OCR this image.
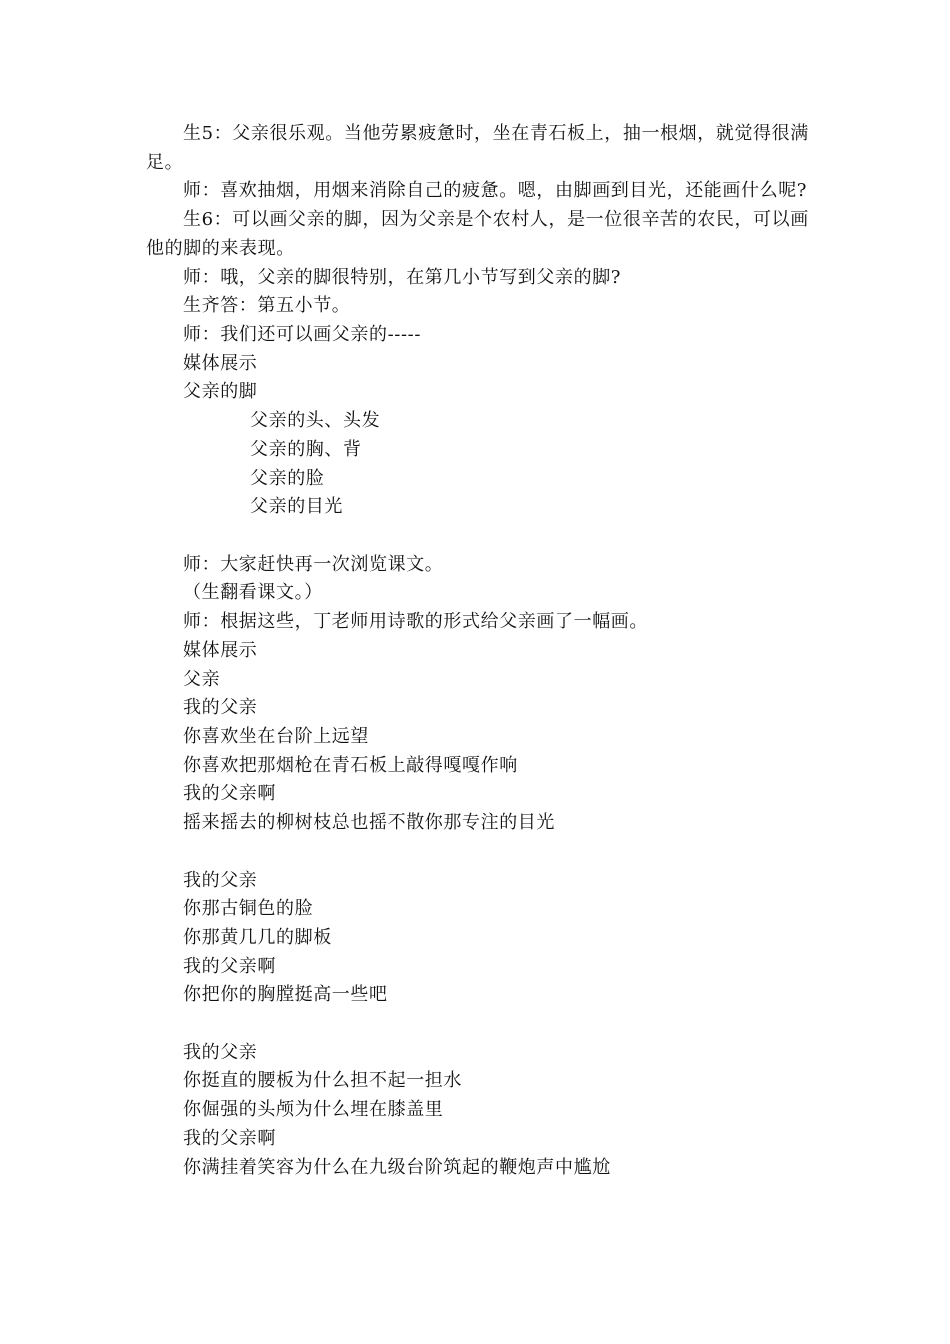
生5：父亲很乐观。当他劳累疲惫时，坐在青石板上，抽一根烟，就觉得很满
足。
师：喜欢抽烟，用烟来消除自己的疲惫。嗯，由脚画到目光，还能画什么呢?
生6：可以画父亲的脚，因为父亲是个农村人，是一位很辛苦的农民，可以画
他的脚的来表现。
师：哦，父亲的脚很特别，在第几小节写到父亲的脚?
生齐答：第五小节。
师：我们还可以画父亲的-----
媒体展示
父亲的脚
父亲的头、头发
父亲的胸、背
父亲的脸
父亲的目光
师：大家赶快再一次浏览课文。
（生翻看课文。）
师：根据这些，丁老师用诗歌的形式给父亲画了一幅画。
媒体展示
父亲
我的父亲
你喜欢坐在台阶上远望
你喜欢把那烟枪在青石板上敲得嘎嘎作响
我的父亲啊
摇来摇去的柳树枝总也摇不散你那专注的目光
我的父亲
你那古铜色的脸
你那黄几几的脚板
我的父亲啊
你把你的胸膛挺高一些吧
我的父亲
你挺直的腰板为什么担不起一担水
你倔强的头颅为什么埋在膝盖里
我的父亲啊
你满挂着笑容为什么在九级台阶筑起的鞭炮声中尴尬
